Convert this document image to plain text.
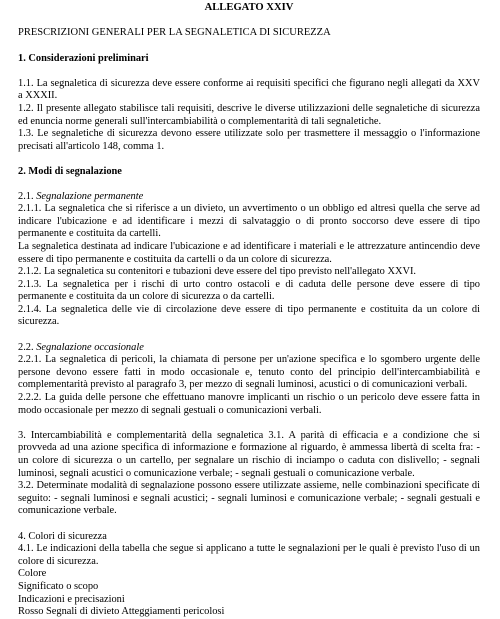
ALLEGATO XXIV
PRESCRIZIONI GENERALI PER LA SEGNALETICA DI SICUREZZA
1. Considerazioni preliminari
1.1. La segnaletica di sicurezza deve essere conforme ai requisiti specifici che figurano negli allegati da XXV a XXXII.
1.2. Il presente allegato stabilisce tali requisiti, descrive le diverse utilizzazioni delle segnaletiche di sicurezza ed enuncia norme generali sull'intercambiabilità o complementarità di tali segnaletiche.
1.3. Le segnaletiche di sicurezza devono essere utilizzate solo per trasmettere il messaggio o l'informazione precisati all'articolo 148, comma 1.
2. Modi di segnalazione
2.1. Segnalazione permanente
2.1.1. La segnaletica che si riferisce a un divieto, un avvertimento o un obbligo ed altresì quella che serve ad indicare l'ubicazione e ad identificare i mezzi di salvataggio o di pronto soccorso deve essere di tipo permanente e costituita da cartelli.
La segnaletica destinata ad indicare l'ubicazione e ad identificare i materiali e le attrezzature antincendio deve essere di tipo permanente e costituita da cartelli o da un colore di sicurezza.
2.1.2. La segnaletica su contenitori e tubazioni deve essere del tipo previsto nell'allegato XXVI.
2.1.3. La segnaletica per i rischi di urto contro ostacoli e di caduta delle persone deve essere di tipo permanente e costituita da un colore di sicurezza o da cartelli.
2.1.4. La segnaletica delle vie di circolazione deve essere di tipo permanente e costituita da un colore di sicurezza.
2.2. Segnalazione occasionale
2.2.1. La segnaletica di pericoli, la chiamata di persone per un'azione specifica e lo sgombero urgente delle persone devono essere fatti in modo occasionale e, tenuto conto del principio dell'intercambiabilità e complementarità previsto al paragrafo 3, per mezzo di segnali luminosi, acustici o di comunicazioni verbali.
2.2.2. La guida delle persone che effettuano manovre implicanti un rischio o un pericolo deve essere fatta in modo occasionale per mezzo di segnali gestuali o comunicazioni verbali.
3. Intercambiabilità e complementarità della segnaletica 3.1. A parità di efficacia e a condizione che si provveda ad una azione specifica di informazione e formazione al riguardo, è ammessa libertà di scelta fra: - un colore di sicurezza o un cartello, per segnalare un rischio di inciampo o caduta con dislivello; - segnali luminosi, segnali acustici o comunicazione verbale; - segnali gestuali o comunicazione verbale.
3.2. Determinate modalità di segnalazione possono essere utilizzate assieme, nelle combinazioni specificate di seguito: - segnali luminosi e segnali acustici; - segnali luminosi e comunicazione verbale; - segnali gestuali e comunicazione verbale.
4. Colori di sicurezza
4.1. Le indicazioni della tabella che segue si applicano a tutte le segnalazioni per le quali è previsto l'uso di un colore di sicurezza.
Colore
Significato o scopo
Indicazioni e precisazioni
Rosso Segnali di divieto Atteggiamenti pericolosi
